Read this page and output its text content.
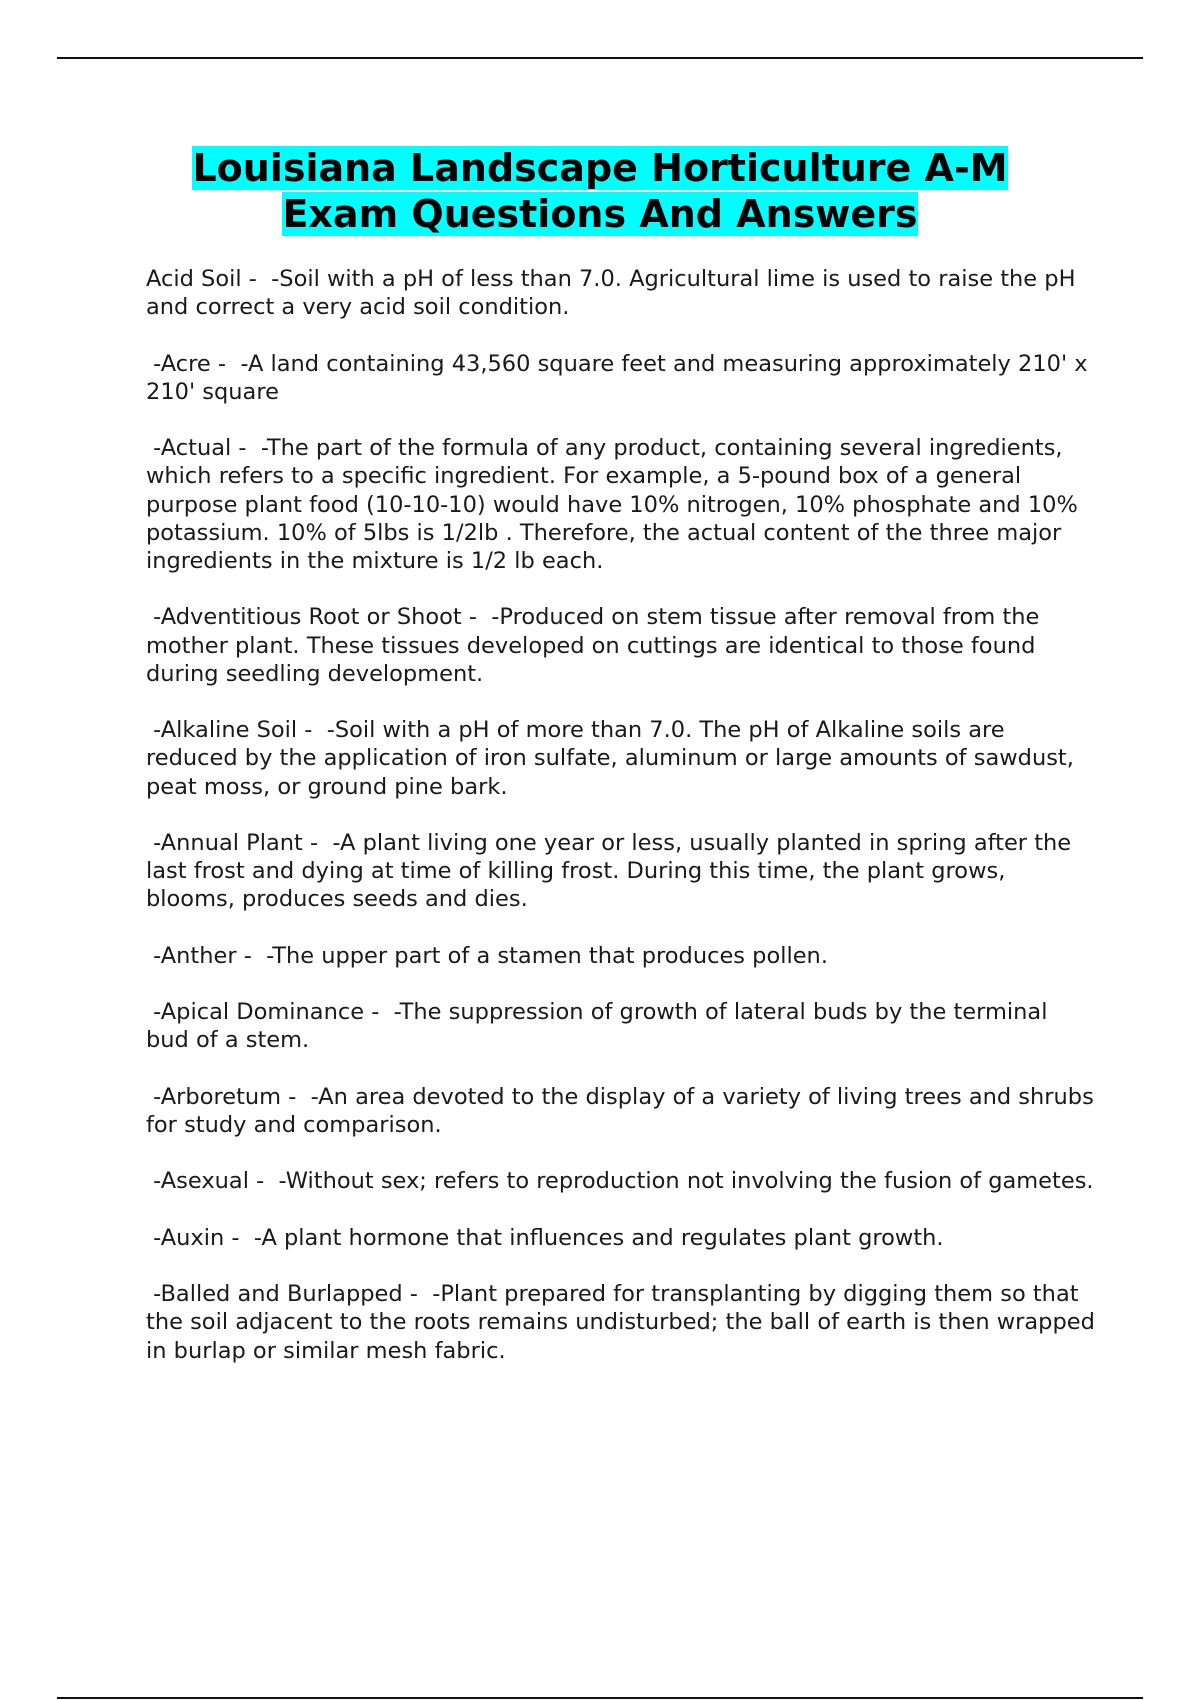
Louisiana Landscape Horticulture A-M
Exam Questions And Answers

Acid Soil -  -Soil with a pH of less than 7.0. Agricultural lime is used to raise the pH and correct a very acid soil condition.

-Acre -  -A land containing 43,560 square feet and measuring approximately 210' x 210' square

-Actual -  -The part of the formula of any product, containing several ingredients, which refers to a specific ingredient. For example, a 5-pound box of a general purpose plant food (10-10-10) would have 10% nitrogen, 10% phosphate and 10% potassium. 10% of 5lbs is 1/2lb . Therefore, the actual content of the three major ingredients in the mixture is 1/2 lb each.

-Adventitious Root or Shoot -  -Produced on stem tissue after removal from the mother plant. These tissues developed on cuttings are identical to those found during seedling development.

-Alkaline Soil -  -Soil with a pH of more than 7.0. The pH of Alkaline soils are reduced by the application of iron sulfate, aluminum or large amounts of sawdust, peat moss, or ground pine bark.

-Annual Plant -  -A plant living one year or less, usually planted in spring after the last frost and dying at time of killing frost. During this time, the plant grows, blooms, produces seeds and dies.

-Anther -  -The upper part of a stamen that produces pollen.

-Apical Dominance -  -The suppression of growth of lateral buds by the terminal bud of a stem.

-Arboretum -  -An area devoted to the display of a variety of living trees and shrubs for study and comparison.

-Asexual -  -Without sex; refers to reproduction not involving the fusion of gametes.

-Auxin -  -A plant hormone that influences and regulates plant growth.

-Balled and Burlapped -  -Plant prepared for transplanting by digging them so that the soil adjacent to the roots remains undisturbed; the ball of earth is then wrapped in burlap or similar mesh fabric.
